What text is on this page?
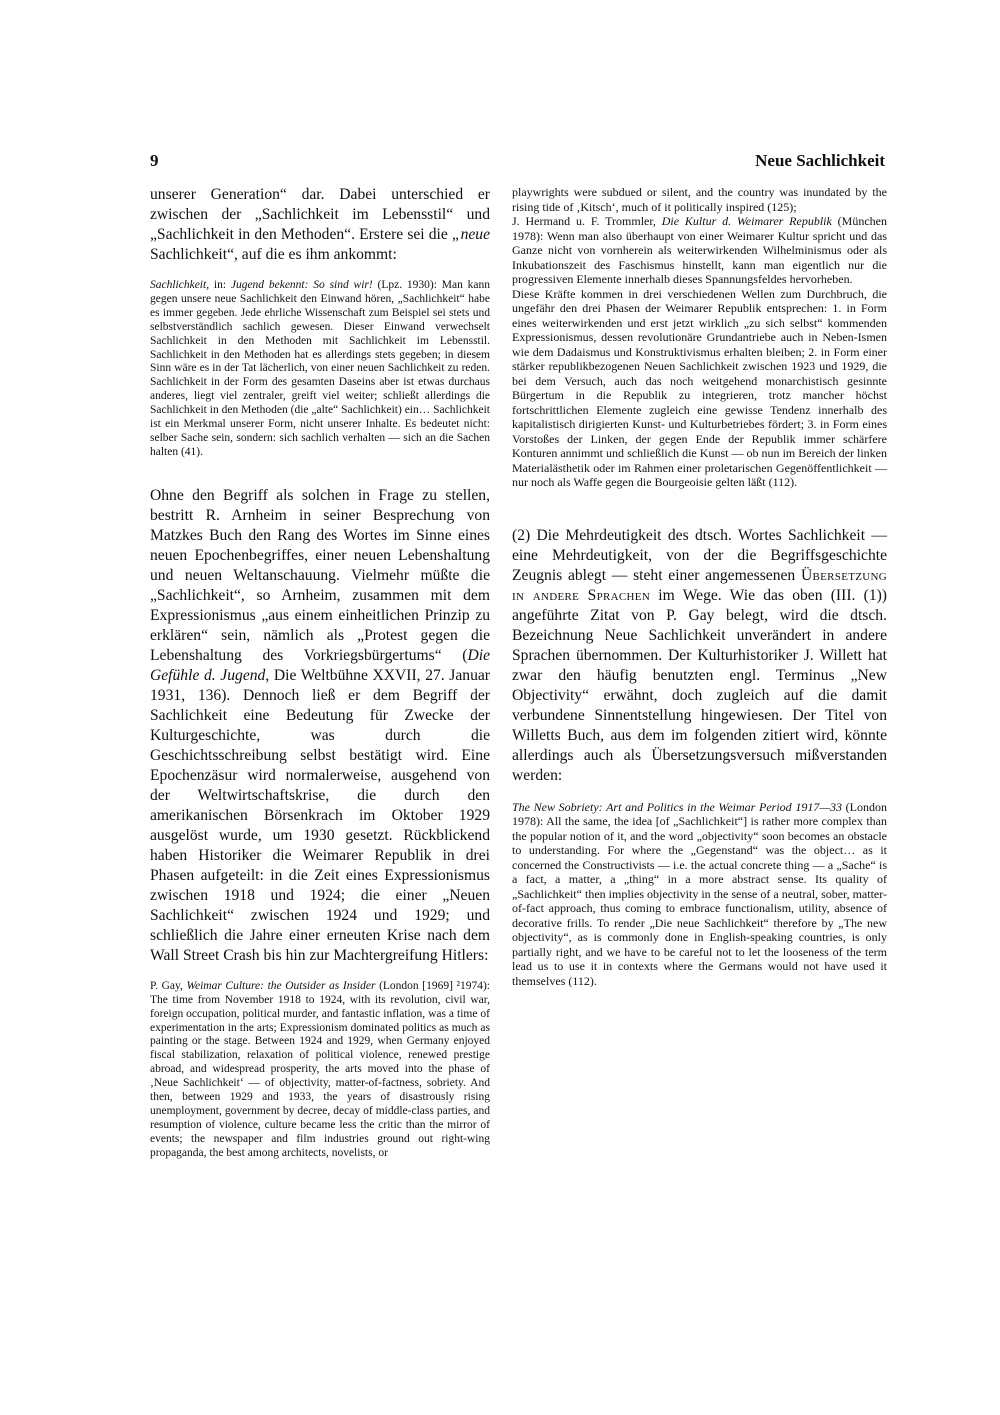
9	Neue Sachlichkeit

unserer Generation“ dar. Dabei unterschied er zwischen der „Sachlichkeit im Lebensstil“ und „Sachlichkeit in den Methoden“. Erstere sei die „neue Sachlichkeit“, auf die es ihm ankommt:

Sachlichkeit, in: Jugend bekennt: So sind wir! (Lpz. 1930): Man kann gegen unsere neue Sachlichkeit den Einwand hören, „Sachlichkeit“ habe es immer gegeben. Jede ehrliche Wissenschaft zum Beispiel sei stets und selbstverständlich sachlich gewesen. Dieser Einwand verwechselt Sachlichkeit in den Methoden mit Sachlichkeit im Lebensstil. Sachlichkeit in den Methoden hat es allerdings stets gegeben; in diesem Sinn wäre es in der Tat lächerlich, von einer neuen Sachlichkeit zu reden. Sachlichkeit in der Form des gesamten Daseins aber ist etwas durchaus anderes, liegt viel zentraler, greift viel weiter; schließt allerdings die Sachlichkeit in den Methoden (die „alte“ Sachlichkeit) ein… Sachlichkeit ist ein Merkmal unserer Form, nicht unserer Inhalte. Es bedeutet nicht: selber Sache sein, sondern: sich sachlich verhalten — sich an die Sachen halten (41).

Ohne den Begriff als solchen in Frage zu stellen, bestritt R. Arnheim in seiner Besprechung von Matzkes Buch den Rang des Wortes im Sinne eines neuen Epochenbegriffes, einer neuen Lebenshaltung und neuen Weltanschauung. Vielmehr müßte die „Sachlichkeit“, so Arnheim, zusammen mit dem Expressionismus „aus einem einheitlichen Prinzip zu erklären“ sein, nämlich als „Protest gegen die Lebenshaltung des Vorkriegsbürgertums“ (Die Gefühle d. Jugend, Die Weltbühne XXVII, 27. Januar 1931, 136). Dennoch ließ er dem Begriff der Sachlichkeit eine Bedeutung für Zwecke der Kulturgeschichte, was durch die Geschichtsschreibung selbst bestätigt wird. Eine Epochenzäsur wird normalerweise, ausgehend von der Weltwirtschaftskrise, die durch den amerikanischen Börsenkrach im Oktober 1929 ausgelöst wurde, um 1930 gesetzt. Rückblickend haben Historiker die Weimarer Republik in drei Phasen aufgeteilt: in die Zeit eines Expressionismus zwischen 1918 und 1924; die einer „Neuen Sachlichkeit“ zwischen 1924 und 1929; und schließlich die Jahre einer erneuten Krise nach dem Wall Street Crash bis hin zur Machtergreifung Hitlers:

P. Gay, Weimar Culture: the Outsider as Insider (London [1969] ²1974): The time from November 1918 to 1924, with its revolution, civil war, foreign occupation, political murder, and fantastic inflation, was a time of experimentation in the arts; Expressionism dominated politics as much as painting or the stage. Between 1924 and 1929, when Germany enjoyed fiscal stabilization, relaxation of political violence, renewed prestige abroad, and widespread prosperity, the arts moved into the phase of ‚Neue Sachlichkeit‘ — of objectivity, matter-of-factness, sobriety. And then, between 1929 and 1933, the years of disastrously rising unemployment, government by decree, decay of middle-class parties, and resumption of violence, culture became less the critic than the mirror of events; the newspaper and film industries ground out right-wing propaganda, the best among architects, novelists, or

playwrights were subdued or silent, and the country was inundated by the rising tide of ‚Kitsch‘, much of it politically inspired (125);

J. Hermand u. F. Trommler, Die Kultur d. Weimarer Republik (München 1978): Wenn man also überhaupt von einer Weimarer Kultur spricht und das Ganze nicht von vornherein als weiterwirkenden Wilhelminismus oder als Inkubationszeit des Faschismus hinstellt, kann man eigentlich nur die progressiven Elemente innerhalb dieses Spannungsfeldes hervorheben.

Diese Kräfte kommen in drei verschiedenen Wellen zum Durchbruch, die ungefähr den drei Phasen der Weimarer Republik entsprechen: 1. in Form eines weiterwirkenden und erst jetzt wirklich „zu sich selbst“ kommenden Expressionismus, dessen revolutionäre Grundantriebe auch in Neben-Ismen wie dem Dadaismus und Konstruktivismus erhalten bleiben; 2. in Form einer stärker republikbezogenen Neuen Sachlichkeit zwischen 1923 und 1929, die bei dem Versuch, auch das noch weitgehend monarchistisch gesinnte Bürgertum in die Republik zu integrieren, trotz mancher höchst fortschrittlichen Elemente zugleich eine gewisse Tendenz innerhalb des kapitalistisch dirigierten Kunst- und Kulturbetriebes fördert; 3. in Form eines Vorstoßes der Linken, der gegen Ende der Republik immer schärfere Konturen annimmt und schließlich die Kunst — ob nun im Bereich der linken Materialästhetik oder im Rahmen einer proletarischen Gegenöffentlichkeit — nur noch als Waffe gegen die Bourgeoisie gelten läßt (112).

(2) Die Mehrdeutigkeit des dtsch. Wortes Sachlichkeit — eine Mehrdeutigkeit, von der die Begriffsgeschichte Zeugnis ablegt — steht einer angemessenen Übersetzung in andere Sprachen im Wege. Wie das oben (III. (1)) angeführte Zitat von P. Gay belegt, wird die dtsch. Bezeichnung Neue Sachlichkeit unverändert in andere Sprachen übernommen. Der Kulturhistoriker J. Willett hat zwar den häufig benutzten engl. Terminus „New Objectivity“ erwähnt, doch zugleich auf die damit verbundene Sinnentstellung hingewiesen. Der Titel von Willetts Buch, aus dem im folgenden zitiert wird, könnte allerdings auch als Übersetzungsversuch mißverstanden werden:

The New Sobriety: Art and Politics in the Weimar Period 1917—33 (London 1978): All the same, the idea [of „Sachlichkeit“] is rather more complex than the popular notion of it, and the word „objectivity“ soon becomes an obstacle to understanding. For where the „Gegenstand“ was the object… as it concerned the Constructivists — i.e. the actual concrete thing — a „Sache“ is a fact, a matter, a „thing“ in a more abstract sense. Its quality of „Sachlichkeit“ then implies objectivity in the sense of a neutral, sober, matter-of-fact approach, thus coming to embrace functionalism, utility, absence of decorative frills. To render „Die neue Sachlichkeit“ therefore by „The new objectivity“, as is commonly done in English-speaking countries, is only partially right, and we have to be careful not to let the looseness of the term lead us to use it in contexts where the Germans would not have used it themselves (112).
